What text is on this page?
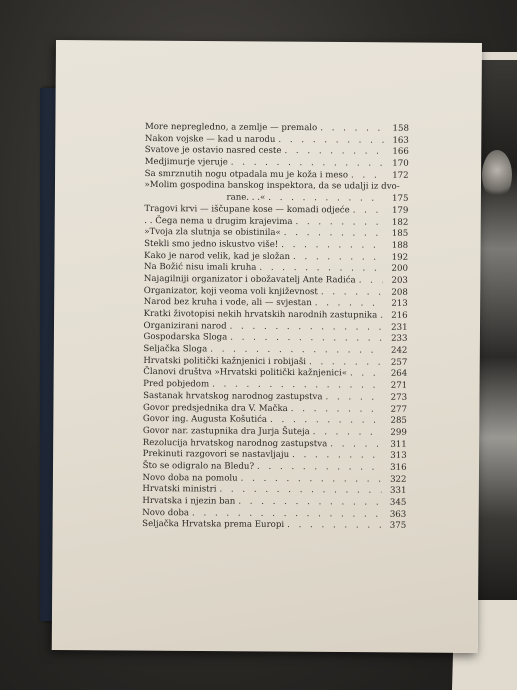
More nepregledno, a zemlje — premalo . . .	158
Nakon vojske — kad u narodu . . .	163
Svatove je ostavio nasred ceste . . .	166
Medjimurje vjeruje . . .	170
Sa smrznutih nogu otpadala mu je koža i meso . . .	172
»Molim gospodina banskog inspektora, da se udalji iz dvo-
rane. . .« . . .	175
Tragovi krvi — iščupane kose — komadi odjeće . . .	179
. . Čega nema u drugim krajevima . . .	182
»Tvoja zla slutnja se obistinila« . . .	185
Stekli smo jedno iskustvo više! . . .	188
Kako je narod velik, kad je složan . . .	192
Na Božić nisu imali kruha . . .	200
Najagilniji organizator i obožavatelj Ante Radića . . .	203
Organizator, koji veoma voli književnost . . .	208
Narod bez kruha i vode, ali — svjestan . . .	213
Kratki životopisi nekih hrvatskih narodnih zastupnika . . .	216
Organizirani narod . . .	231
Gospodarska Sloga . . .	233
Seljačka Sloga . . .	242
Hrvatski politički kažnjenici i robijaši . . .	257
Članovi društva »Hrvatski politički kažnjenici« . . .	264
Pred pobjedom . . .	271
Sastanak hrvatskog narodnog zastupstva . . .	273
Govor predsjednika dra V. Mačka . . .	277
Govor ing. Augusta Košutića . . .	285
Govor nar. zastupnika dra Jurja Šuteja . . .	299
Rezolucija hrvatskog narodnog zastupstva . . .	311
Prekinuti razgovori se nastavljaju . . .	313
Što se odigralo na Bledu? . . .	316
Novo doba na pomolu . . .	322
Hrvatski ministri . . .	331
Hrvatska i njezin ban . . .	345
Novo doba . . .	363
Seljačka Hrvatska prema Europi . . .	375
